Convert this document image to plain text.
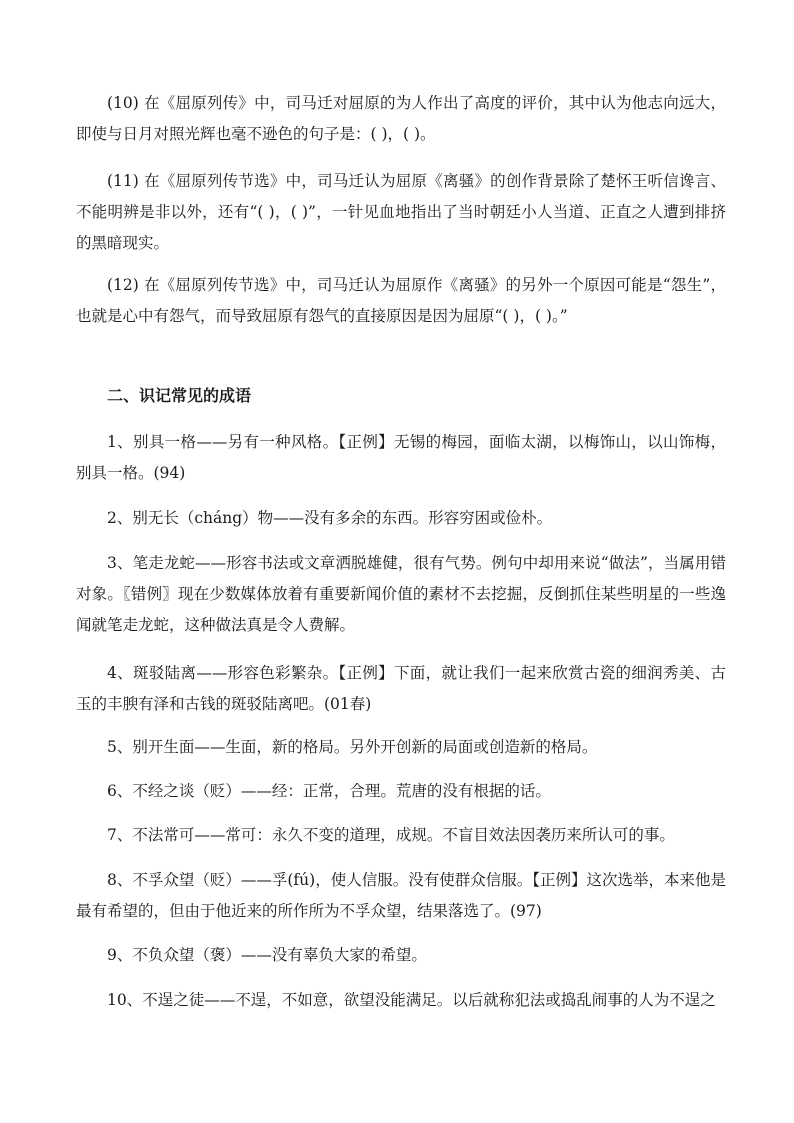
(10) 在《屈原列传》中，司马迁对屈原的为人作出了高度的评价，其中认为他志向远大，即使与日月对照光辉也毫不逊色的句子是：( )，( )。

(11) 在《屈原列传节选》中，司马迁认为屈原《离骚》的创作背景除了楚怀王听信谗言、不能明辨是非以外，还有“( )，( )”，一针见血地指出了当时朝廷小人当道、正直之人遭到排挤的黑暗现实。

(12) 在《屈原列传节选》中，司马迁认为屈原作《离骚》的另外一个原因可能是“怨生”，也就是心中有怨气，而导致屈原有怨气的直接原因是因为屈原“( )，( )。”

二、识记常见的成语

1、别具一格——另有一种风格。【正例】无锡的梅园，面临太湖，以梅饰山，以山饰梅，别具一格。(94)

2、别无长（cháng）物——没有多余的东西。形容穷困或俭朴。

3、笔走龙蛇——形容书法或文章洒脱雄健，很有气势。例句中却用来说“做法”，当属用错对象。〖错例〗现在少数媒体放着有重要新闻价值的素材不去挖掘，反倒抓住某些明星的一些逸闻就笔走龙蛇，这种做法真是令人费解。

4、斑驳陆离——形容色彩繁杂。【正例】下面，就让我们一起来欣赏古瓷的细润秀美、古玉的丰腴有泽和古钱的斑驳陆离吧。(01春)

5、别开生面——生面，新的格局。另外开创新的局面或创造新的格局。

6、不经之谈（贬）——经：正常，合理。荒唐的没有根据的话。

7、不法常可——常可：永久不变的道理，成规。不盲目效法因袭历来所认可的事。

8、不孚众望（贬）——孚(fú)，使人信服。没有使群众信服。【正例】这次选举，本来他是最有希望的，但由于他近来的所作所为不孚众望，结果落选了。(97)

9、不负众望（褒）——没有辜负大家的希望。

10、不逞之徒——不逞，不如意，欲望没能满足。以后就称犯法或捣乱闹事的人为不逞之
